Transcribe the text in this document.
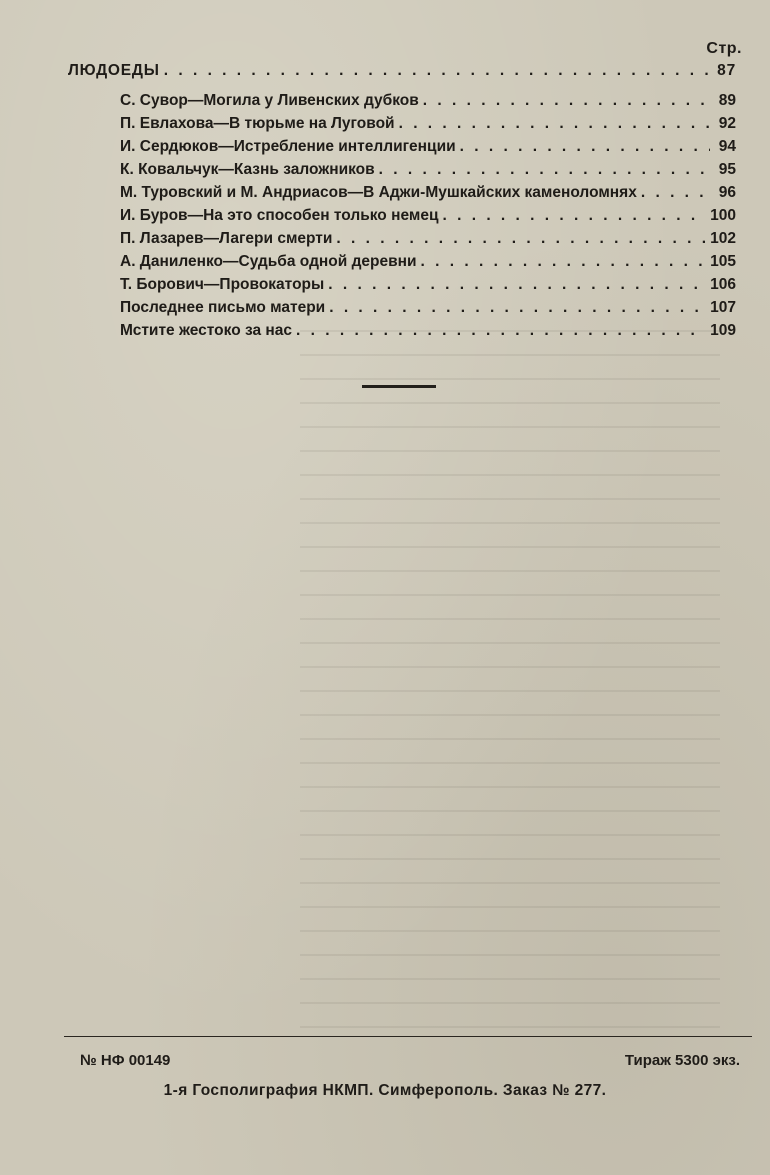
Стр.
ЛЮДОЕДЫ . . .	87
С. Сувор—Могила у Ливенских дубков . . .	89
П. Евлахова—В тюрьме на Луговой . . .	92
И. Сердюков—Истребление интеллигенции . . .	94
К. Ковальчук—Казнь заложников . . .	95
М. Туровский и М. Андриасов—В Аджи-Мушкайских каменоломнях . . .	96
И. Буров—На это способен только немец . . .	100
П. Лазарев—Лагери смерти . . .	102
А. Даниленко—Судьба одной деревни . . .	105
Т. Борович—Провокаторы . . .	106
Последнее письмо матери . . .	107
Мстите жестоко за нас . . .	109
№ НФ 00149	Тираж 5300 экз.
1-я Госполиграфия НКМП. Симферополь. Заказ № 277.
